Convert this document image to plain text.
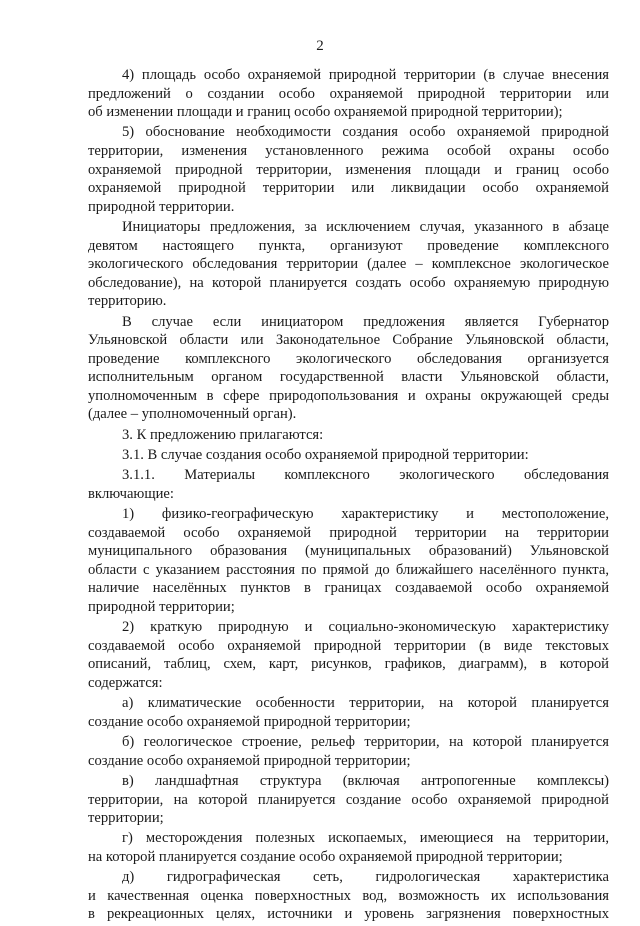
2
4) площадь особо охраняемой природной территории (в случае внесения
предложений о создании особо охраняемой природной территории или
об изменении площади и границ особо охраняемой природной территории);
5) обоснование необходимости создания особо охраняемой природной
территории, изменения установленного режима особой охраны особо
охраняемой природной территории, изменения площади и границ особо
охраняемой природной территории или ликвидации особо охраняемой
природной территории.
Инициаторы предложения, за исключением случая, указанного в абзаце
девятом настоящего пункта, организуют проведение комплексного
экологического обследования территории (далее – комплексное экологическое
обследование), на которой планируется создать особо охраняемую природную
территорию.
В случае если инициатором предложения является Губернатор
Ульяновской области или Законодательное Собрание Ульяновской области,
проведение комплексного экологического обследования организуется
исполнительным органом государственной власти Ульяновской области,
уполномоченным в сфере природопользования и охраны окружающей среды
(далее – уполномоченный орган).
3. К предложению прилагаются:
3.1. В случае создания особо охраняемой природной территории:
3.1.1. Материалы комплексного экологического обследования
включающие:
1) физико-географическую характеристику и местоположение,
создаваемой особо охраняемой природной территории на территории
муниципального образования (муниципальных образований) Ульяновской
области с указанием расстояния по прямой до ближайшего населённого пункта,
наличие населённых пунктов в границах создаваемой особо охраняемой
природной территории;
2) краткую природную и социально-экономическую характеристику
создаваемой особо охраняемой природной территории (в виде текстовых
описаний, таблиц, схем, карт, рисунков, графиков, диаграмм), в которой
содержатся:
а) климатические особенности территории, на которой планируется
создание особо охраняемой природной территории;
б) геологическое строение, рельеф территории, на которой планируется
создание особо охраняемой природной территории;
в) ландшафтная структура (включая антропогенные комплексы)
территории, на которой планируется создание особо охраняемой природной
территории;
г) месторождения полезных ископаемых, имеющиеся на территории,
на которой планируется создание особо охраняемой природной территории;
д) гидрографическая сеть, гидрологическая характеристика
и качественная оценка поверхностных вод, возможность их использования
в рекреационных целях, источники и уровень загрязнения поверхностных
